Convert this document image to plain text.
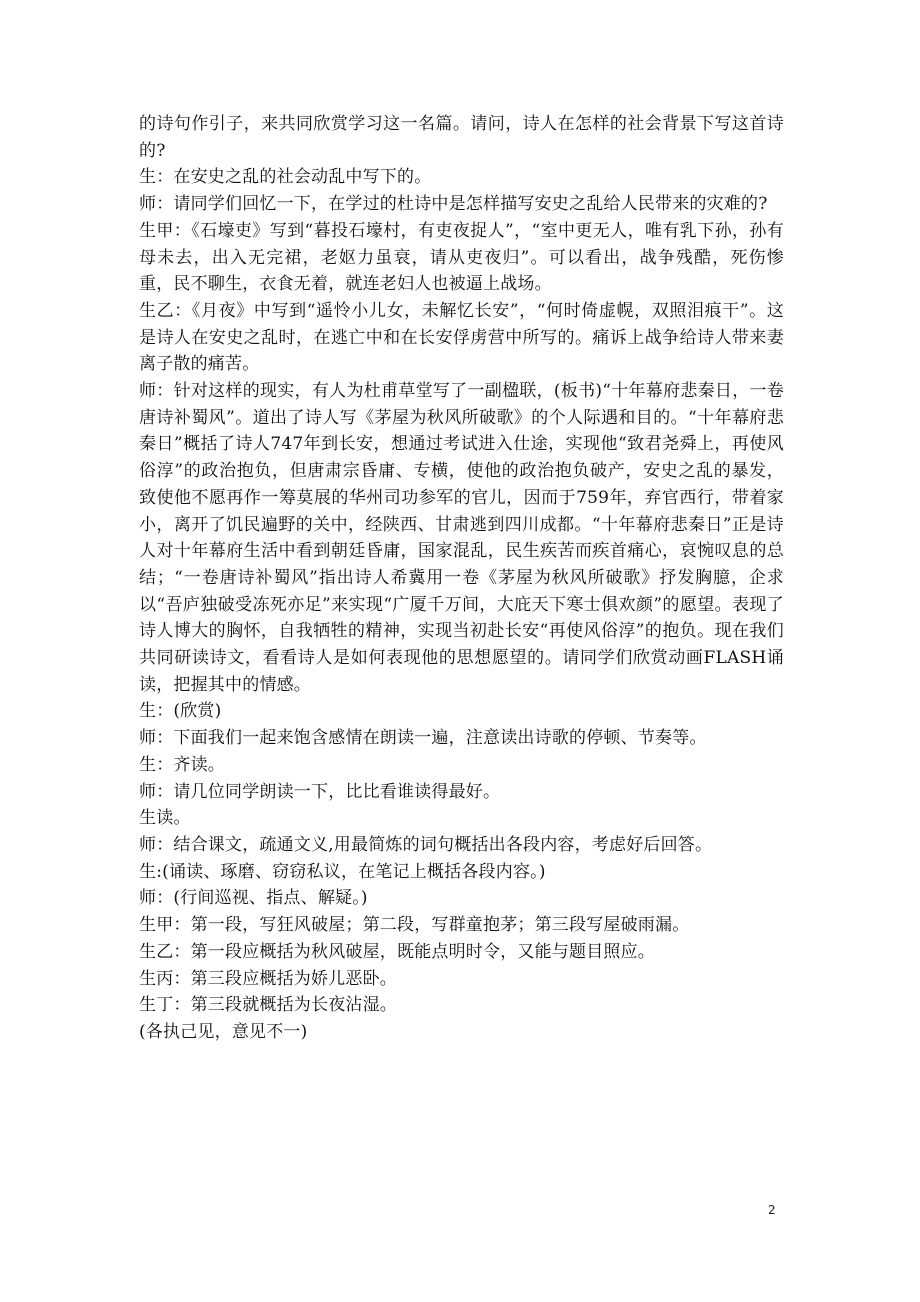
的诗句作引子，来共同欣赏学习这一名篇。请问，诗人在怎样的社会背景下写这首诗的?

生：在安史之乱的社会动乱中写下的。

师：请同学们回忆一下，在学过的杜诗中是怎样描写安史之乱给人民带来的灾难的?

生甲：《石壕吏》写到“暮投石壕村，有吏夜捉人”，“室中更无人，唯有乳下孙，孙有母未去，出入无完裙，老妪力虽衰，请从吏夜归”。可以看出，战争残酷，死伤惨重，民不聊生，衣食无着，就连老妇人也被逼上战场。

生乙：《月夜》中写到“遥怜小儿女，未解忆长安”，“何时倚虚幌，双照泪痕干”。这是诗人在安史之乱时，在逃亡中和在长安俘虏营中所写的。痛诉上战争给诗人带来妻离子散的痛苦。

师：针对这样的现实，有人为杜甫草堂写了一副楹联，(板书)“十年幕府悲秦日，一卷唐诗补蜀风”。道出了诗人写《茅屋为秋风所破歌》的个人际遇和目的。“十年幕府悲秦日”概括了诗人747年到长安，想通过考试进入仕途，实现他“致君尧舜上，再使风俗淳”的政治抱负，但唐肃宗昏庸、专横，使他的政治抱负破产，安史之乱的暴发，致使他不愿再作一筹莫展的华州司功参军的官儿，因而于759年，弃官西行，带着家小，离开了饥民遍野的关中，经陕西、甘肃逃到四川成都。“十年幕府悲秦日”正是诗人对十年幕府生活中看到朝廷昏庸，国家混乱，民生疾苦而疾首痛心，哀惋叹息的总结；“一卷唐诗补蜀风”指出诗人希冀用一卷《茅屋为秋风所破歌》抒发胸臆，企求以“吾庐独破受冻死亦足”来实现“广厦千万间，大庇天下寒士俱欢颜”的愿望。表现了诗人博大的胸怀，自我牺牲的精神，实现当初赴长安“再使风俗淳”的抱负。现在我们共同研读诗文，看看诗人是如何表现他的思想愿望的。请同学们欣赏动画FLASH诵读，把握其中的情感。

生：(欣赏)

师：下面我们一起来饱含感情在朗读一遍，注意读出诗歌的停顿、节奏等。

生：齐读。

师：请几位同学朗读一下，比比看谁读得最好。

生读。

师：结合课文，疏通文义,用最简炼的词句概括出各段内容，考虑好后回答。

生:(诵读、琢磨、窃窃私议，在笔记上概括各段内容。)

师：(行间巡视、指点、解疑。)

生甲：第一段，写狂风破屋；第二段，写群童抱茅；第三段写屋破雨漏。

生乙：第一段应概括为秋风破屋，既能点明时令，又能与题目照应。

生丙：第三段应概括为娇儿恶卧。

生丁：第三段就概括为长夜沾湿。

(各执己见，意见不一)

2
